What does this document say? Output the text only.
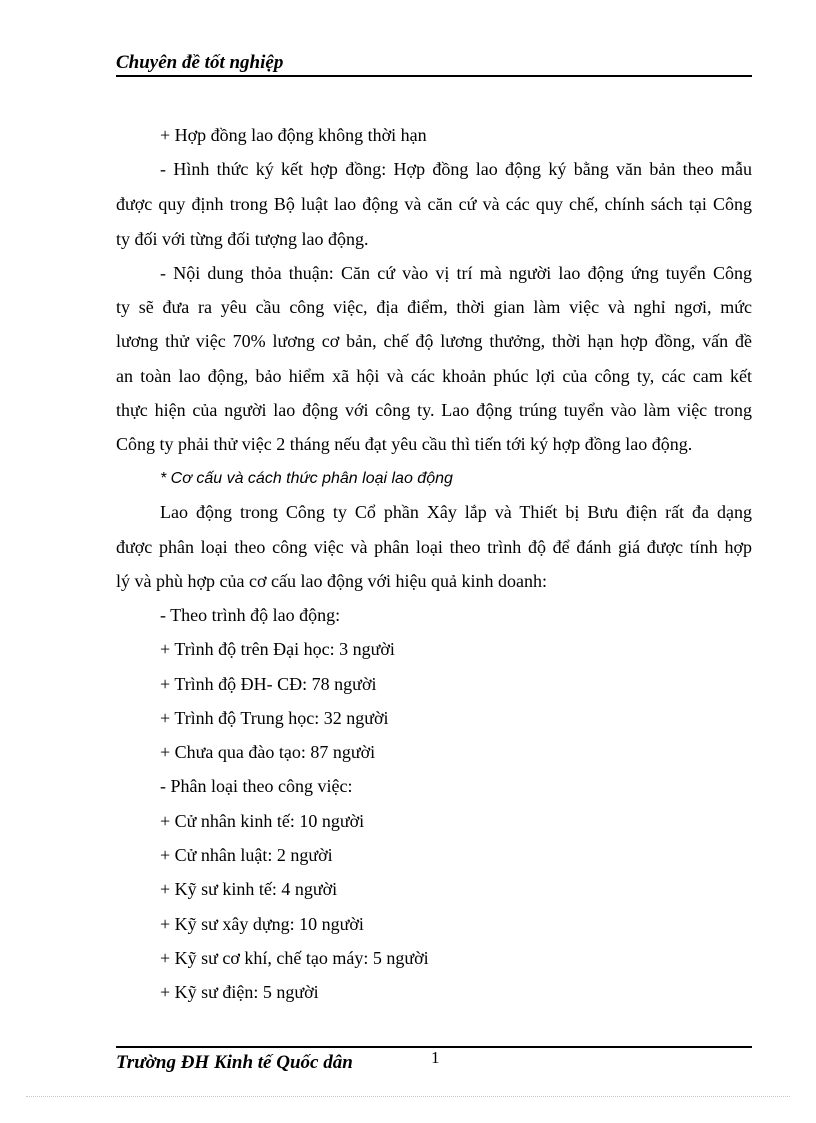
Chuyên đề tốt nghiệp
+ Hợp đồng lao động không thời hạn
- Hình thức ký kết hợp đồng: Hợp đồng lao động ký bằng văn bản theo mẫu
được quy định trong Bộ luật lao động và căn cứ và các quy chế, chính sách tại Công
ty đối với từng đối tượng lao động.
- Nội dung thỏa thuận: Căn cứ vào vị trí mà người lao động ứng tuyển Công
ty sẽ đưa ra yêu cầu công việc, địa điểm, thời gian làm việc và nghỉ ngơi, mức
lương thử việc 70% lương cơ bản, chế độ lương thưởng, thời hạn hợp đồng, vấn đề
an toàn lao động, bảo hiểm xã hội và các khoản phúc lợi của công ty, các cam kết
thực hiện của người lao động với công ty. Lao động trúng tuyển vào làm việc trong
Công ty phải thử việc 2 tháng nếu đạt yêu cầu thì tiến tới ký hợp đồng lao động.
* Cơ cấu và cách thức phân loại lao động
Lao động trong Công ty Cổ phần Xây lắp và Thiết bị Bưu điện rất đa dạng
được phân loại theo công việc và phân loại theo trình độ để đánh giá được tính hợp
lý và phù hợp của cơ cấu lao động với hiệu quả kinh doanh:
- Theo trình độ lao động:
+ Trình độ trên Đại học: 3 người
+ Trình độ ĐH- CĐ: 78 người
+ Trình độ Trung học: 32 người
+ Chưa qua đào tạo: 87 người
- Phân loại theo công việc:
+ Cử nhân kinh tế: 10 người
+ Cử nhân luật: 2 người
+ Kỹ sư kinh tế: 4 người
+ Kỹ sư xây dựng: 10 người
+ Kỹ sư cơ khí, chế tạo máy: 5 người
+ Kỹ sư điện: 5 người
Trường ĐH Kinh tế Quốc dân	1
